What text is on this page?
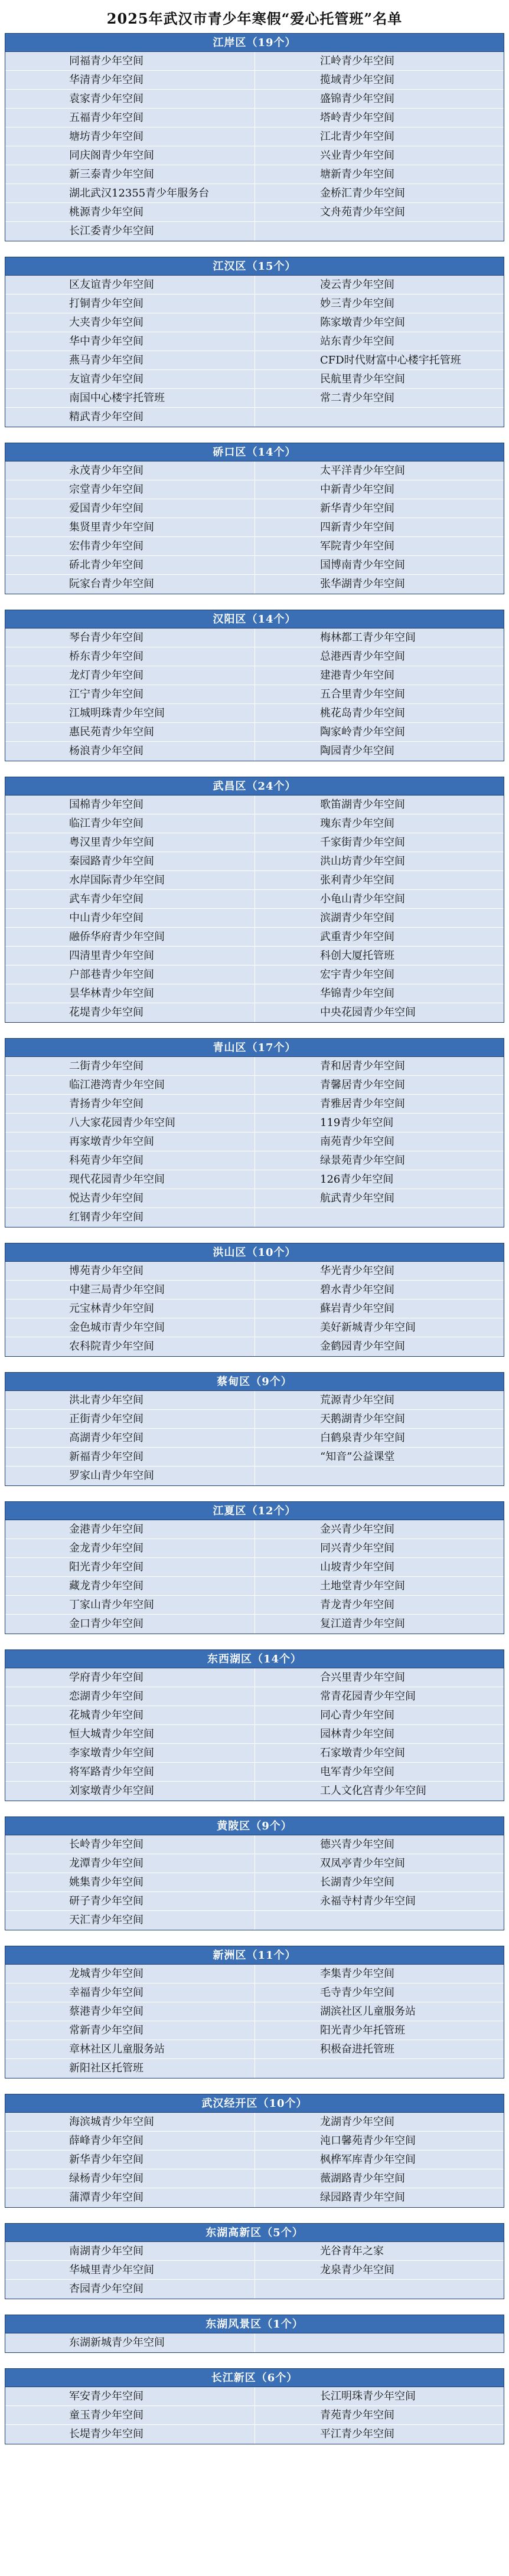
2025年武汉市青少年寒假“爱心托管班”名单
江岸区（19个）
同福青少年空间	江岭青少年空间
华清青少年空间	揽域青少年空间
袁家青少年空间	盛锦青少年空间
五福青少年空间	塔岭青少年空间
塘坊青少年空间	江北青少年空间
同庆阁青少年空间	兴业青少年空间
新三泰青少年空间	塘新青少年空间
湖北武汉12355青少年服务台	金桥汇青少年空间
桃源青少年空间	文舟苑青少年空间
长江委青少年空间
江汉区（15个）
区友谊青少年空间	凌云青少年空间
打铜青少年空间	妙三青少年空间
大夹青少年空间	陈家墩青少年空间
华中青少年空间	站东青少年空间
燕马青少年空间	CFD时代财富中心楼宇托管班
友谊青少年空间	民航里青少年空间
南国中心楼宇托管班	常二青少年空间
精武青少年空间
硚口区（14个）
永茂青少年空间	太平洋青少年空间
宗堂青少年空间	中新青少年空间
爱国青少年空间	新华青少年空间
集贤里青少年空间	四新青少年空间
宏伟青少年空间	军院青少年空间
硚北青少年空间	国博南青少年空间
阮家台青少年空间	张华湖青少年空间
汉阳区（14个）
琴台青少年空间	梅林都工青少年空间
桥东青少年空间	总港西青少年空间
龙灯青少年空间	建港青少年空间
江宁青少年空间	五合里青少年空间
江城明珠青少年空间	桃花岛青少年空间
惠民苑青少年空间	陶家岭青少年空间
杨浪青少年空间	陶园青少年空间
武昌区（24个）
国棉青少年空间	歌笛湖青少年空间
临江青少年空间	瑰东青少年空间
粤汉里青少年空间	千家街青少年空间
秦园路青少年空间	洪山坊青少年空间
水岸国际青少年空间	张利青少年空间
武车青少年空间	小龟山青少年空间
中山青少年空间	滨湖青少年空间
融侨华府青少年空间	武重青少年空间
四清里青少年空间	科创大厦托管班
户部巷青少年空间	宏宇青少年空间
昙华林青少年空间	华锦青少年空间
花堤青少年空间	中央花园青少年空间
青山区（17个）
二街青少年空间	青和居青少年空间
临江港湾青少年空间	青馨居青少年空间
青扬青少年空间	青雅居青少年空间
八大家花园青少年空间	119青少年空间
再家墩青少年空间	南苑青少年空间
科苑青少年空间	绿景苑青少年空间
现代花园青少年空间	126青少年空间
悦达青少年空间	航武青少年空间
红钢青少年空间
洪山区（10个）
博苑青少年空间	华光青少年空间
中建三局青少年空间	碧水青少年空间
元宝林青少年空间	蘇岩青少年空间
金色城市青少年空间	美好新城青少年空间
农科院青少年空间	金鹤园青少年空间
蔡甸区（9个）
洪北青少年空间	荒源青少年空间
正街青少年空间	天鹅湖青少年空间
高湖青少年空间	白鹤泉青少年空间
新福青少年空间	“知音”公益课堂
罗家山青少年空间
江夏区（12个）
金港青少年空间	金兴青少年空间
金龙青少年空间	同兴青少年空间
阳光青少年空间	山坡青少年空间
藏龙青少年空间	土地堂青少年空间
丁家山青少年空间	青龙青少年空间
金口青少年空间	复江道青少年空间
东西湖区（14个）
学府青少年空间	合兴里青少年空间
恋湖青少年空间	常青花园青少年空间
花城青少年空间	同心青少年空间
恒大城青少年空间	园林青少年空间
李家墩青少年空间	石家墩青少年空间
将军路青少年空间	电军青少年空间
刘家墩青少年空间	工人文化宫青少年空间
黄陂区（9个）
长岭青少年空间	德兴青少年空间
龙潭青少年空间	双凤亭青少年空间
姚集青少年空间	长湖青少年空间
研子青少年空间	永福寺村青少年空间
天汇青少年空间
新洲区（11个）
龙城青少年空间	李集青少年空间
幸福青少年空间	毛寺青少年空间
蔡港青少年空间	湖滨社区儿童服务站
常新青少年空间	阳光青少年托管班
章林社区儿童服务站	积极奋进托管班
新阳社区托管班
武汉经开区（10个）
海滨城青少年空间	龙湖青少年空间
薛峰青少年空间	沌口馨苑青少年空间
新华青少年空间	枫桦军库青少年空间
绿杨青少年空间	薇湖路青少年空间
蒲潭青少年空间	绿园路青少年空间
东湖高新区（5个）
南湖青少年空间	光谷青年之家
华城里青少年空间	龙泉青少年空间
杏园青少年空间
东湖风景区（1个）
东湖新城青少年空间
长江新区（6个）
军安青少年空间	长江明珠青少年空间
童玉青少年空间	青苑青少年空间
长堤青少年空间	平江青少年空间
